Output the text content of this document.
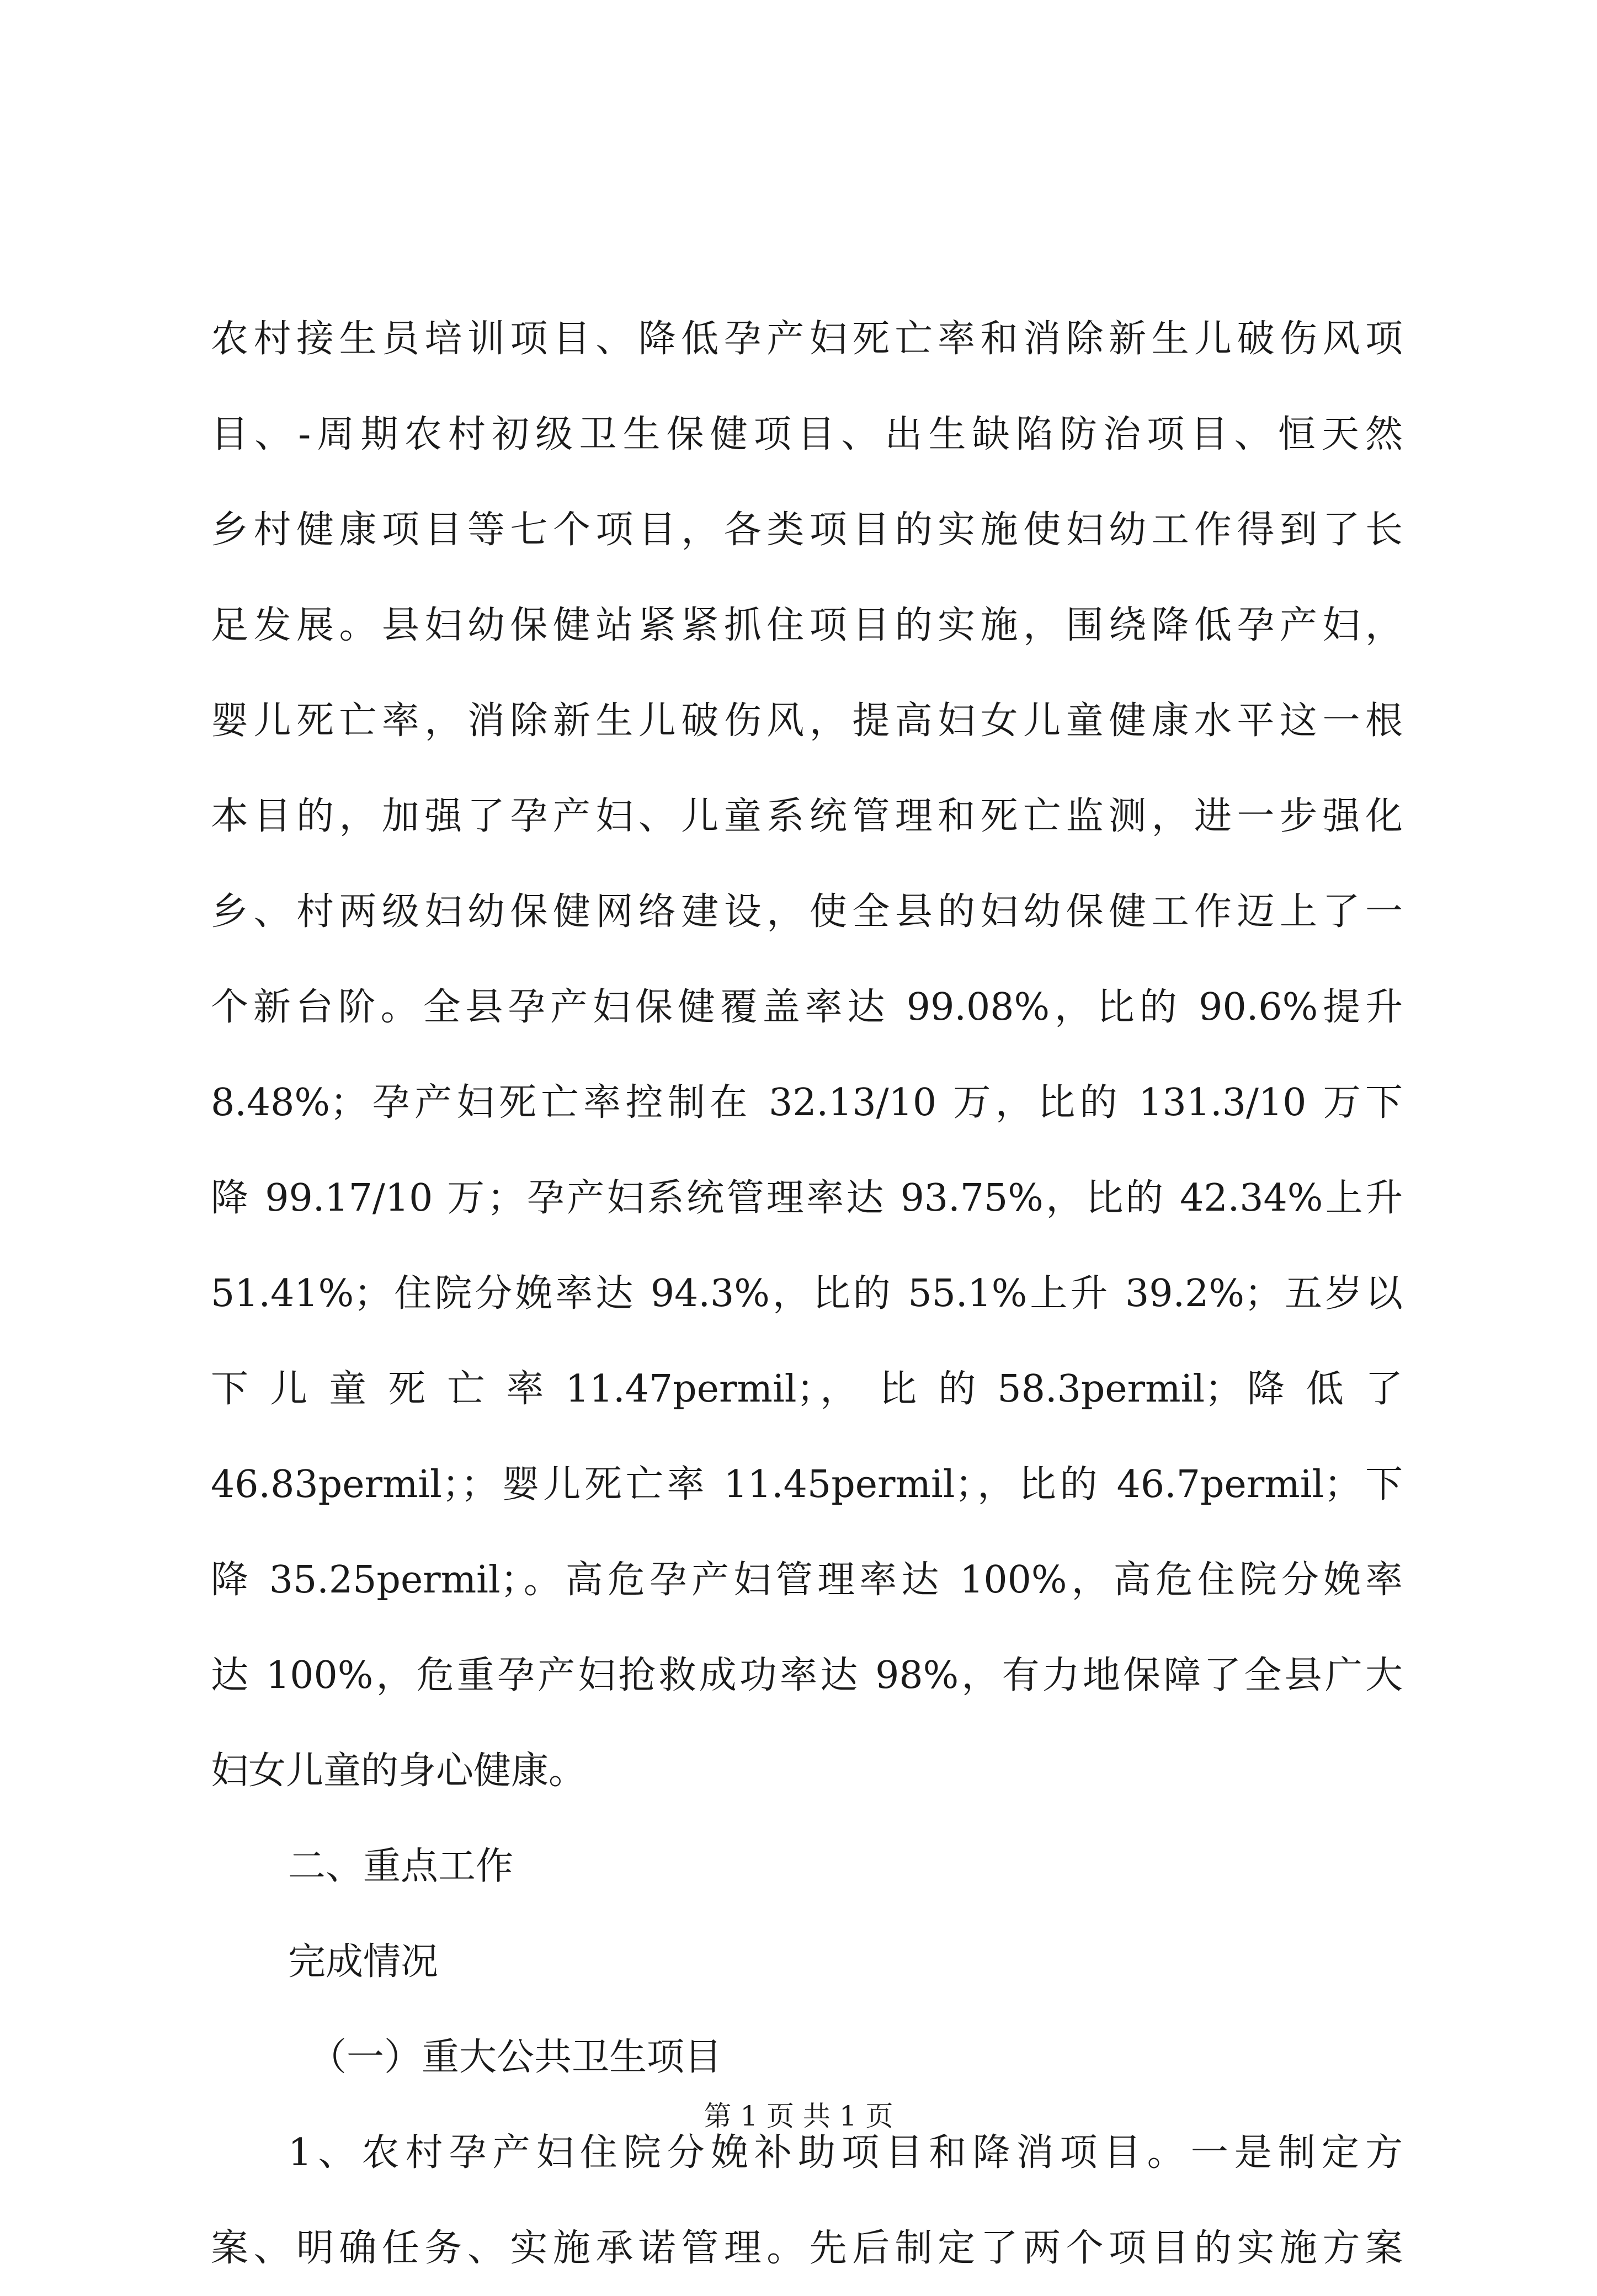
农村接生员培训项目、降低孕产妇死亡率和消除新生儿破伤风项
目、-周期农村初级卫生保健项目、出生缺陷防治项目、恒天然
乡村健康项目等七个项目，各类项目的实施使妇幼工作得到了长
足发展。县妇幼保健站紧紧抓住项目的实施，围绕降低孕产妇，
婴儿死亡率，消除新生儿破伤风，提高妇女儿童健康水平这一根
本目的，加强了孕产妇、儿童系统管理和死亡监测，进一步强化
乡、村两级妇幼保健网络建设，使全县的妇幼保健工作迈上了一
个新台阶。全县孕产妇保健覆盖率达 99.08%，比的 90.6%提升
8.48%；孕产妇死亡率控制在 32.13/10 万，比的 131.3/10 万下
降 99.17/10 万；孕产妇系统管理率达 93.75%，比的 42.34%上升
51.41%；住院分娩率达 94.3%，比的 55.1%上升 39.2%；五岁以
下 儿 童 死 亡 率 11.47permil；， 比 的 58.3permil；降 低 了
46.83permil；；婴儿死亡率 11.45permil；，比的 46.7permil；下
降 35.25permil；。高危孕产妇管理率达 100%，高危住院分娩率
达 100%，危重孕产妇抢救成功率达 98%，有力地保障了全县广大
妇女儿童的身心健康。
二、重点工作
完成情况
（一）重大公共卫生项目
1、农村孕产妇住院分娩补助项目和降消项目。一是制定方
案、明确任务、实施承诺管理。先后制定了两个项目的实施方案
第 1 页 共 1 页
